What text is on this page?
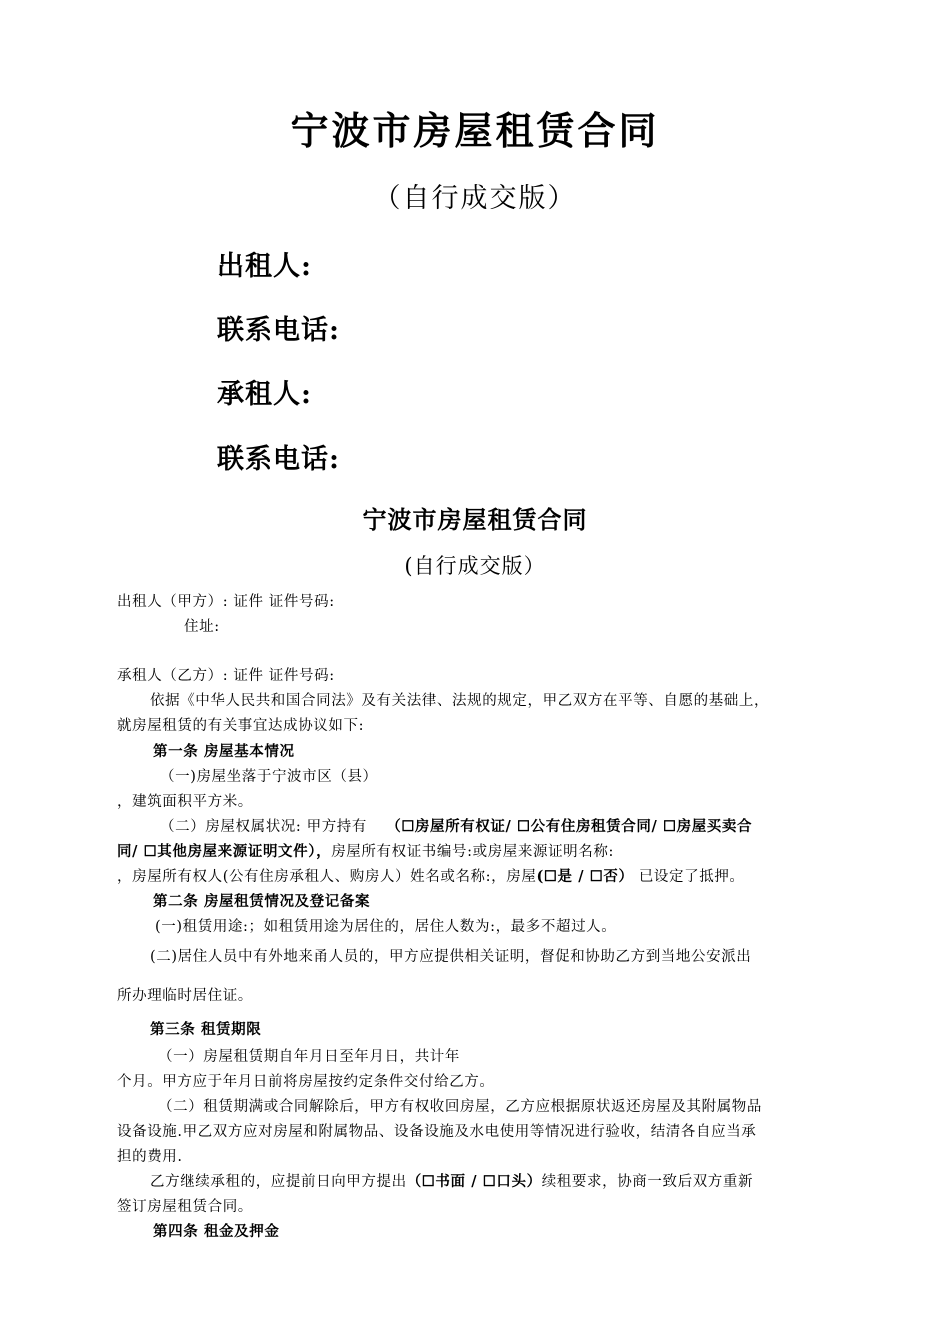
宁波市房屋租赁合同
（自行成交版）
出租人:
联系电话:
承租人:
联系电话:
宁波市房屋租赁合同
(自行成交版）
出租人（甲方）: 证件 证件号码:
住址:
承租人（乙方）: 证件 证件号码:
依据《中华人民共和国合同法》及有关法律、法规的规定，甲乙双方在平等、自愿的基础上，
就房屋租赁的有关事宜达成协议如下:
第一条 房屋基本情况
（一)房屋坐落于宁波市区（县）
，建筑面积平方米。
（二）房屋权属状况: 甲方持有 （☐房屋所有权证/ ☐公有住房租赁合同/ ☐房屋买卖合
同/ ☐其他房屋来源证明文件），房屋所有权证书编号:或房屋来源证明名称:
，房屋所有权人(公有住房承租人、购房人）姓名或名称:，房屋(☐是 / ☐否） 已设定了抵押。
第二条 房屋租赁情况及登记备案
(一)租赁用途:；如租赁用途为居住的，居住人数为:，最多不超过人。
(二)居住人员中有外地来甬人员的，甲方应提供相关证明，督促和协助乙方到当地公安派出
所办理临时居住证。
第三条 租赁期限
（一）房屋租赁期自年月日至年月日，共计年
个月。甲方应于年月日前将房屋按约定条件交付给乙方。
（二）租赁期满或合同解除后，甲方有权收回房屋，乙方应根据原状返还房屋及其附属物品
设备设施.甲乙双方应对房屋和附属物品、设备设施及水电使用等情况进行验收，结清各自应当承
担的费用.
乙方继续承租的，应提前日向甲方提出（☐书面 / ☐口头）续租要求，协商一致后双方重新
签订房屋租赁合同。
第四条 租金及押金
